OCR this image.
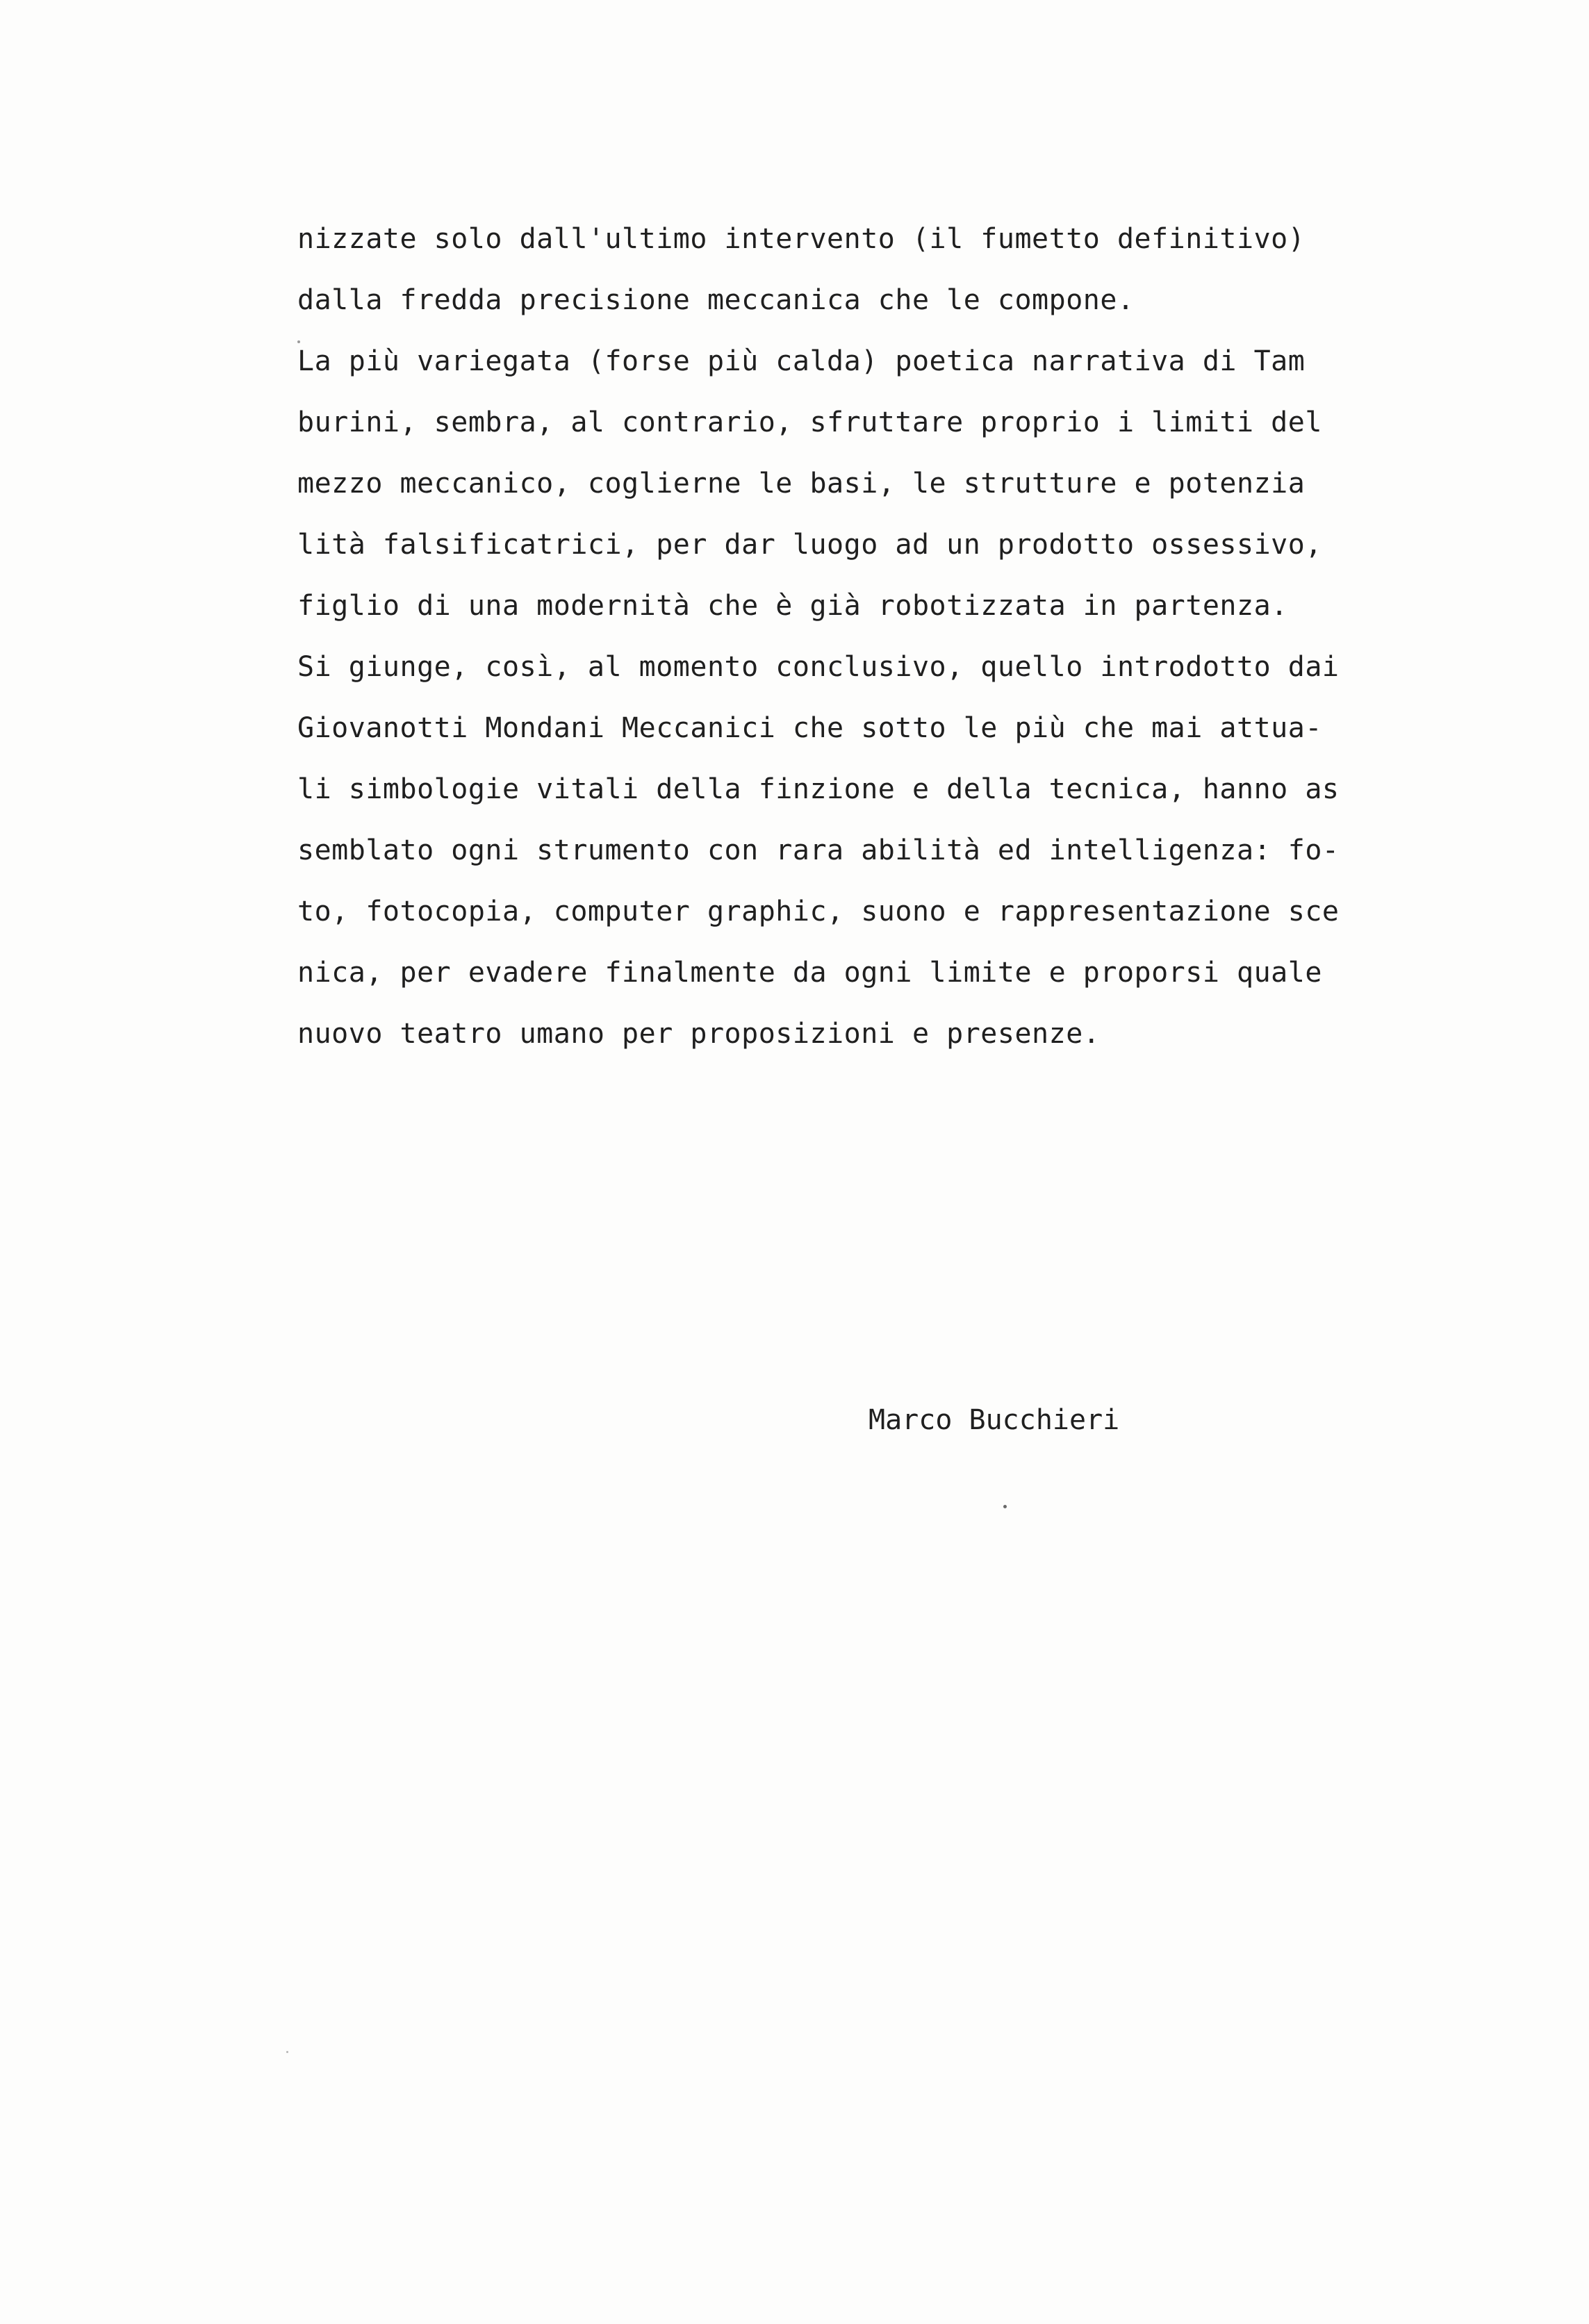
nizzate solo dall'ultimo intervento (il fumetto definitivo)
dalla fredda precisione meccanica che le compone.
La più variegata (forse più calda) poetica narrativa di Tam
burini, sembra, al contrario, sfruttare proprio i limiti del
mezzo meccanico, coglierne le basi, le strutture e potenzia
lità falsificatrici, per dar luogo ad un prodotto ossessivo,
figlio di una modernità che è già robotizzata in partenza.
Si giunge, così, al momento conclusivo, quello introdotto dai
Giovanotti Mondani Meccanici che sotto le più che mai attua-
li simbologie vitali della finzione e della tecnica, hanno as
semblato ogni strumento con rara abilità ed intelligenza: fo-
to, fotocopia, computer graphic, suono e rappresentazione sce
nica, per evadere finalmente da ogni limite e proporsi quale
nuovo teatro umano per proposizioni e presenze.
Marco Bucchieri
